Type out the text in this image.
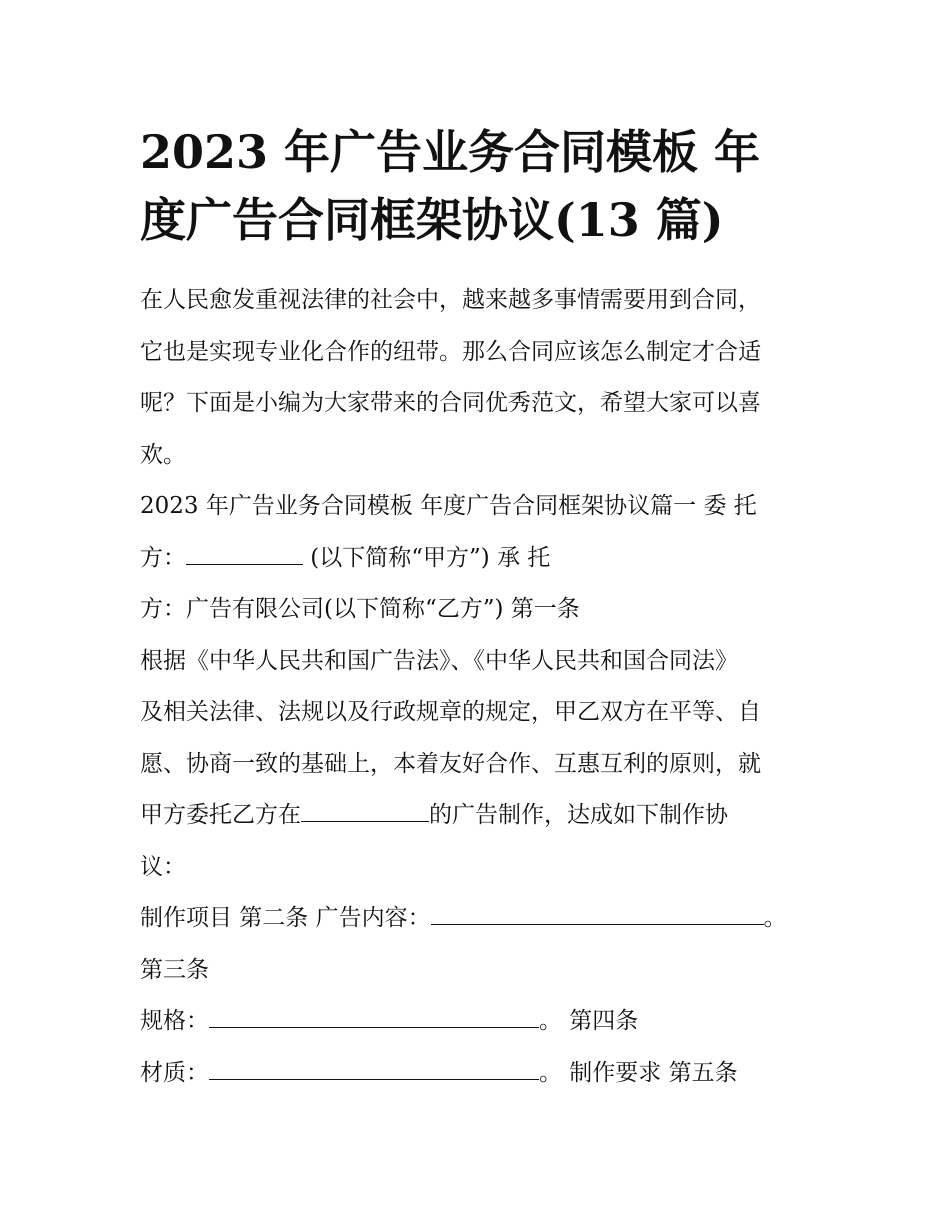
2023 年广告业务合同模板 年
度广告合同框架协议(13 篇)
在人民愈发重视法律的社会中，越来越多事情需要用到合同，
它也是实现专业化合作的纽带。那么合同应该怎么制定才合适
呢？下面是小编为大家带来的合同优秀范文，希望大家可以喜
欢。
2023 年广告业务合同模板 年度广告合同框架协议篇一 委 托
方：	(以下简称“甲方”) 承 托
方：广告有限公司(以下简称“乙方”) 第一条
根据《中华人民共和国广告法》、《中华人民共和国合同法》
及相关法律、法规以及行政规章的规定，甲乙双方在平等、自
愿、协商一致的基础上，本着友好合作、互惠互利的原则，就
甲方委托乙方在	的广告制作，达成如下制作协
议：
制作项目 第二条 广告内容：	。
第三条
规格：	。 第四条
材质：	。 制作要求 第五条
